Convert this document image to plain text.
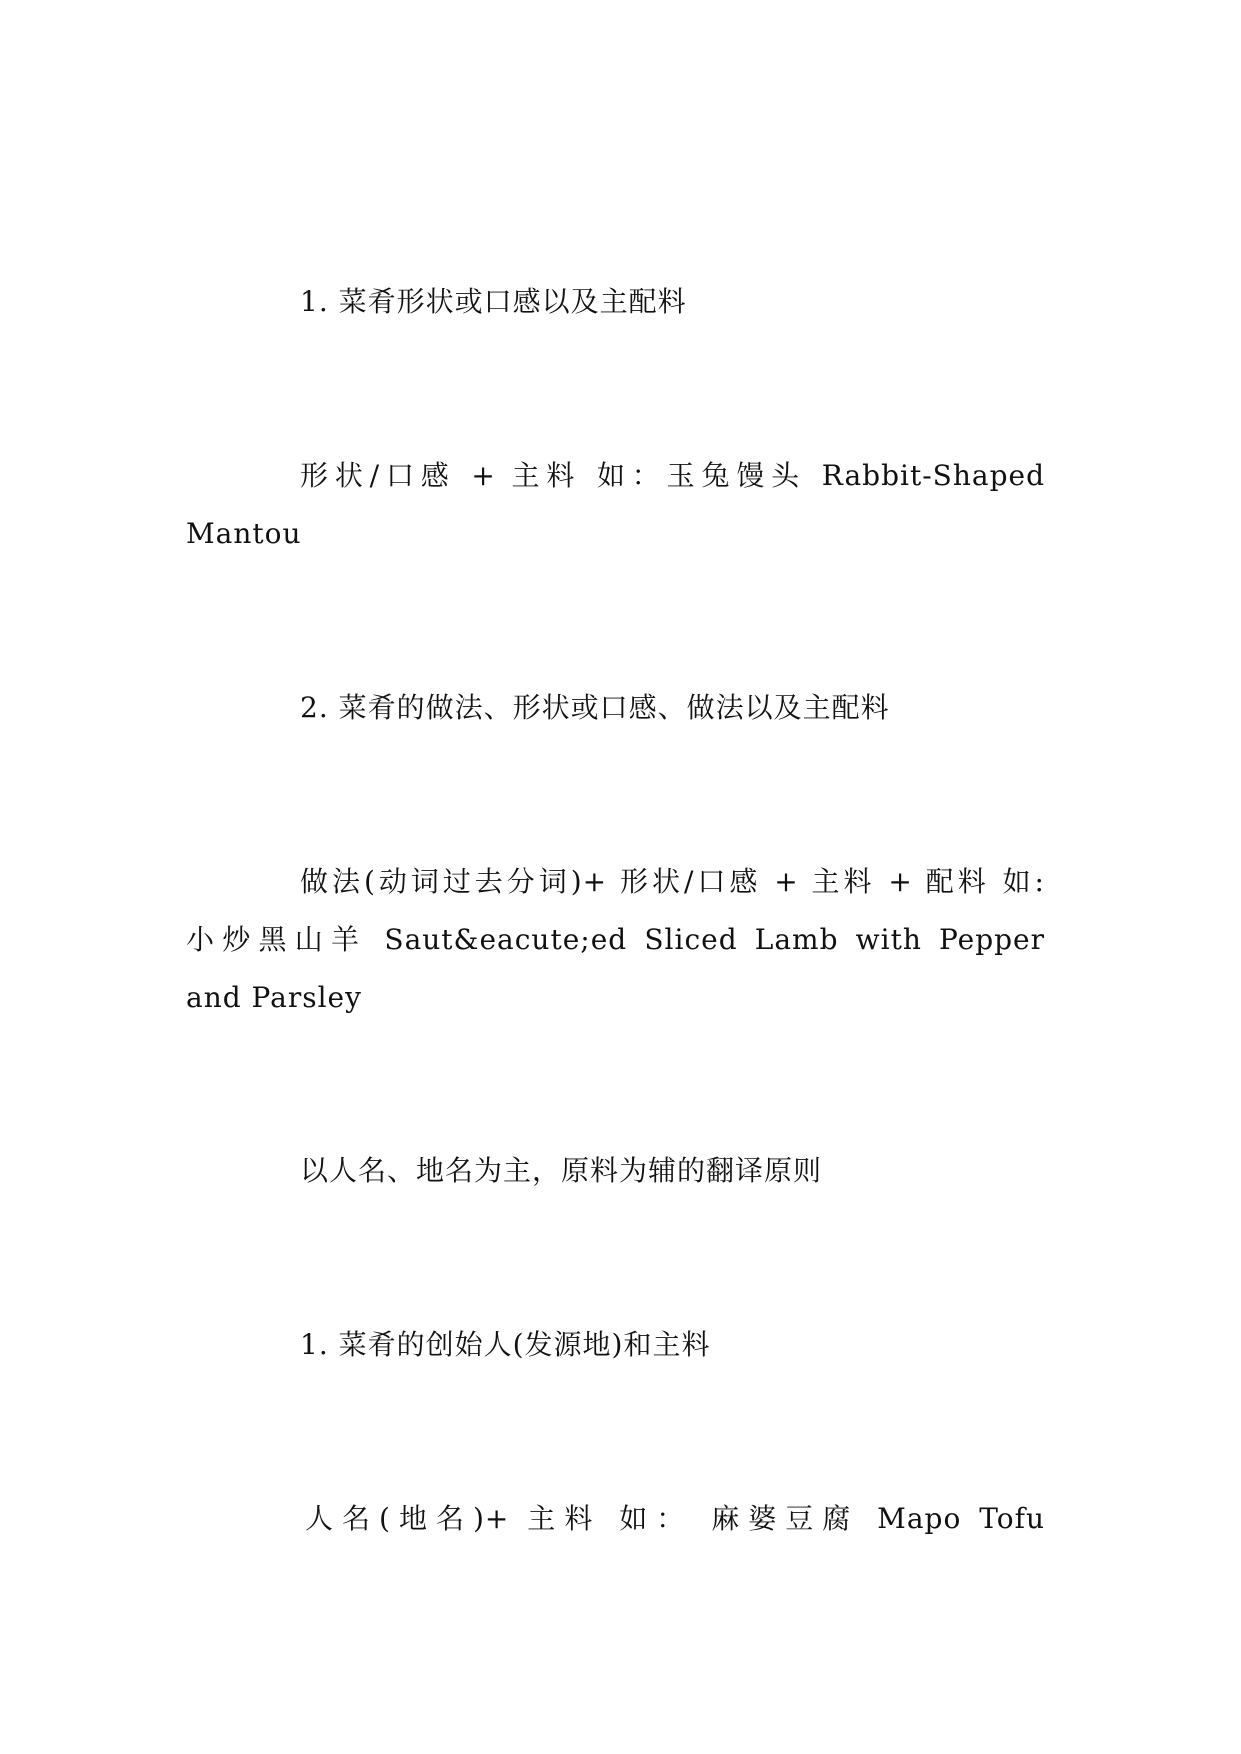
1. 菜肴形状或口感以及主配料
形状/口感 + 主料 如：玉兔馒头 Rabbit-Shaped
Mantou
2. 菜肴的做法、形状或口感、做法以及主配料
做法(动词过去分词)+ 形状/口感 + 主料 + 配料 如:
小炒黑山羊 Saut&eacute;ed Sliced Lamb with Pepper
and Parsley
以人名、地名为主，原料为辅的翻译原则
1. 菜肴的创始人(发源地)和主料
人名(地名)+ 主料 如： 麻婆豆腐 Mapo Tofu
